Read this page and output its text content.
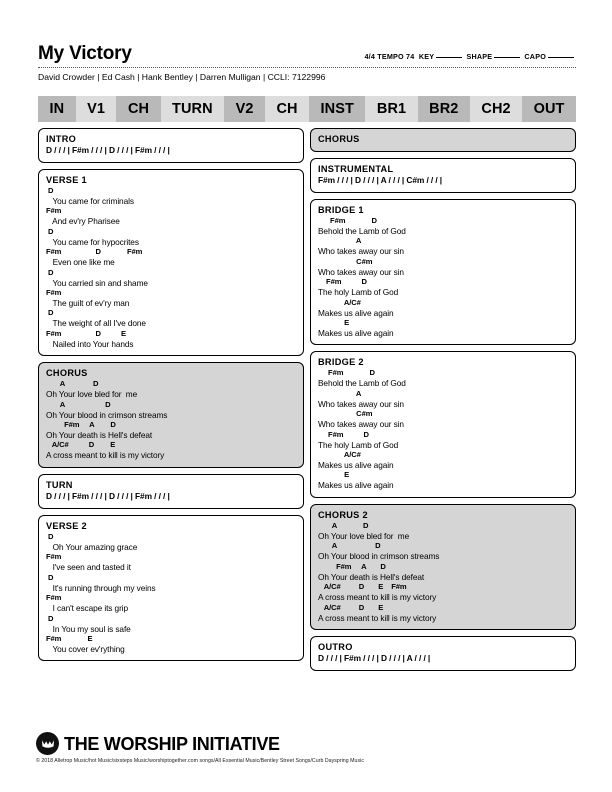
My Victory	4/4 TEMPO 74 KEY	SHAPE	CAPO
David Crowder | Ed Cash | Hank Bentley | Darren Mulligan | CCLI: 7122996
IN V1 CH TURN V2 CH INST BR1 BR2 CH2 OUT
INTRO
D / / / | F#m / / / | D / / / | F#m / / / |
VERSE 1
D
You came for criminals
F#m
And ev'ry Pharisee
D
You came for hypocrites
F#m                 D             F#m
Even one like me
D
You carried sin and shame
F#m
The guilt of ev'ry man
D
The weight of all I've done
F#m                 D          E
Nailed into Your hands
CHORUS
A              D
Oh Your love bled for  me
A                    D
Oh Your blood in crimson streams
F#m     A        D
Oh Your death is Hell's defeat
A/C#          D        E
A cross meant to kill is my victory
TURN
D / / / | F#m / / / | D / / / | F#m / / / |
VERSE 2
D
Oh Your amazing grace
F#m
I've seen and tasted it
D
It's running through my veins
F#m
I can't escape its grip
D
In You my soul is safe
F#m             E
You cover ev'rything
CHORUS
INSTRUMENTAL
F#m / / / | D / / / | A / / / | C#m / / / |
BRIDGE 1
F#m             D
Behold the Lamb of God
A
Who takes away our sin
C#m
Who takes away our sin
F#m          D
The holy Lamb of God
A/C#
Makes us alive again
E
Makes us alive again
BRIDGE 2
F#m             D
Behold the Lamb of God
A
Who takes away our sin
C#m
Who takes away our sin
F#m          D
The holy Lamb of God
A/C#
Makes us alive again
E
Makes us alive again
CHORUS 2
A             D
Oh Your love bled for  me
A                   D
Oh Your blood in crimson streams
F#m     A       D
Oh Your death is Hell's defeat
A/C#         D       E    F#m
A cross meant to kill is my victory
A/C#         D       E
A cross meant to kill is my victory
OUTRO
D / / / | F#m / / / | D / / / | A / / / |
THE WORSHIP INITIATIVE
© 2018 Alletrop Music/hot Music/sixsteps Music/worshiptogether.com songs/All Essential Music/Bentley Street Songs/Curb Dayspring Music
